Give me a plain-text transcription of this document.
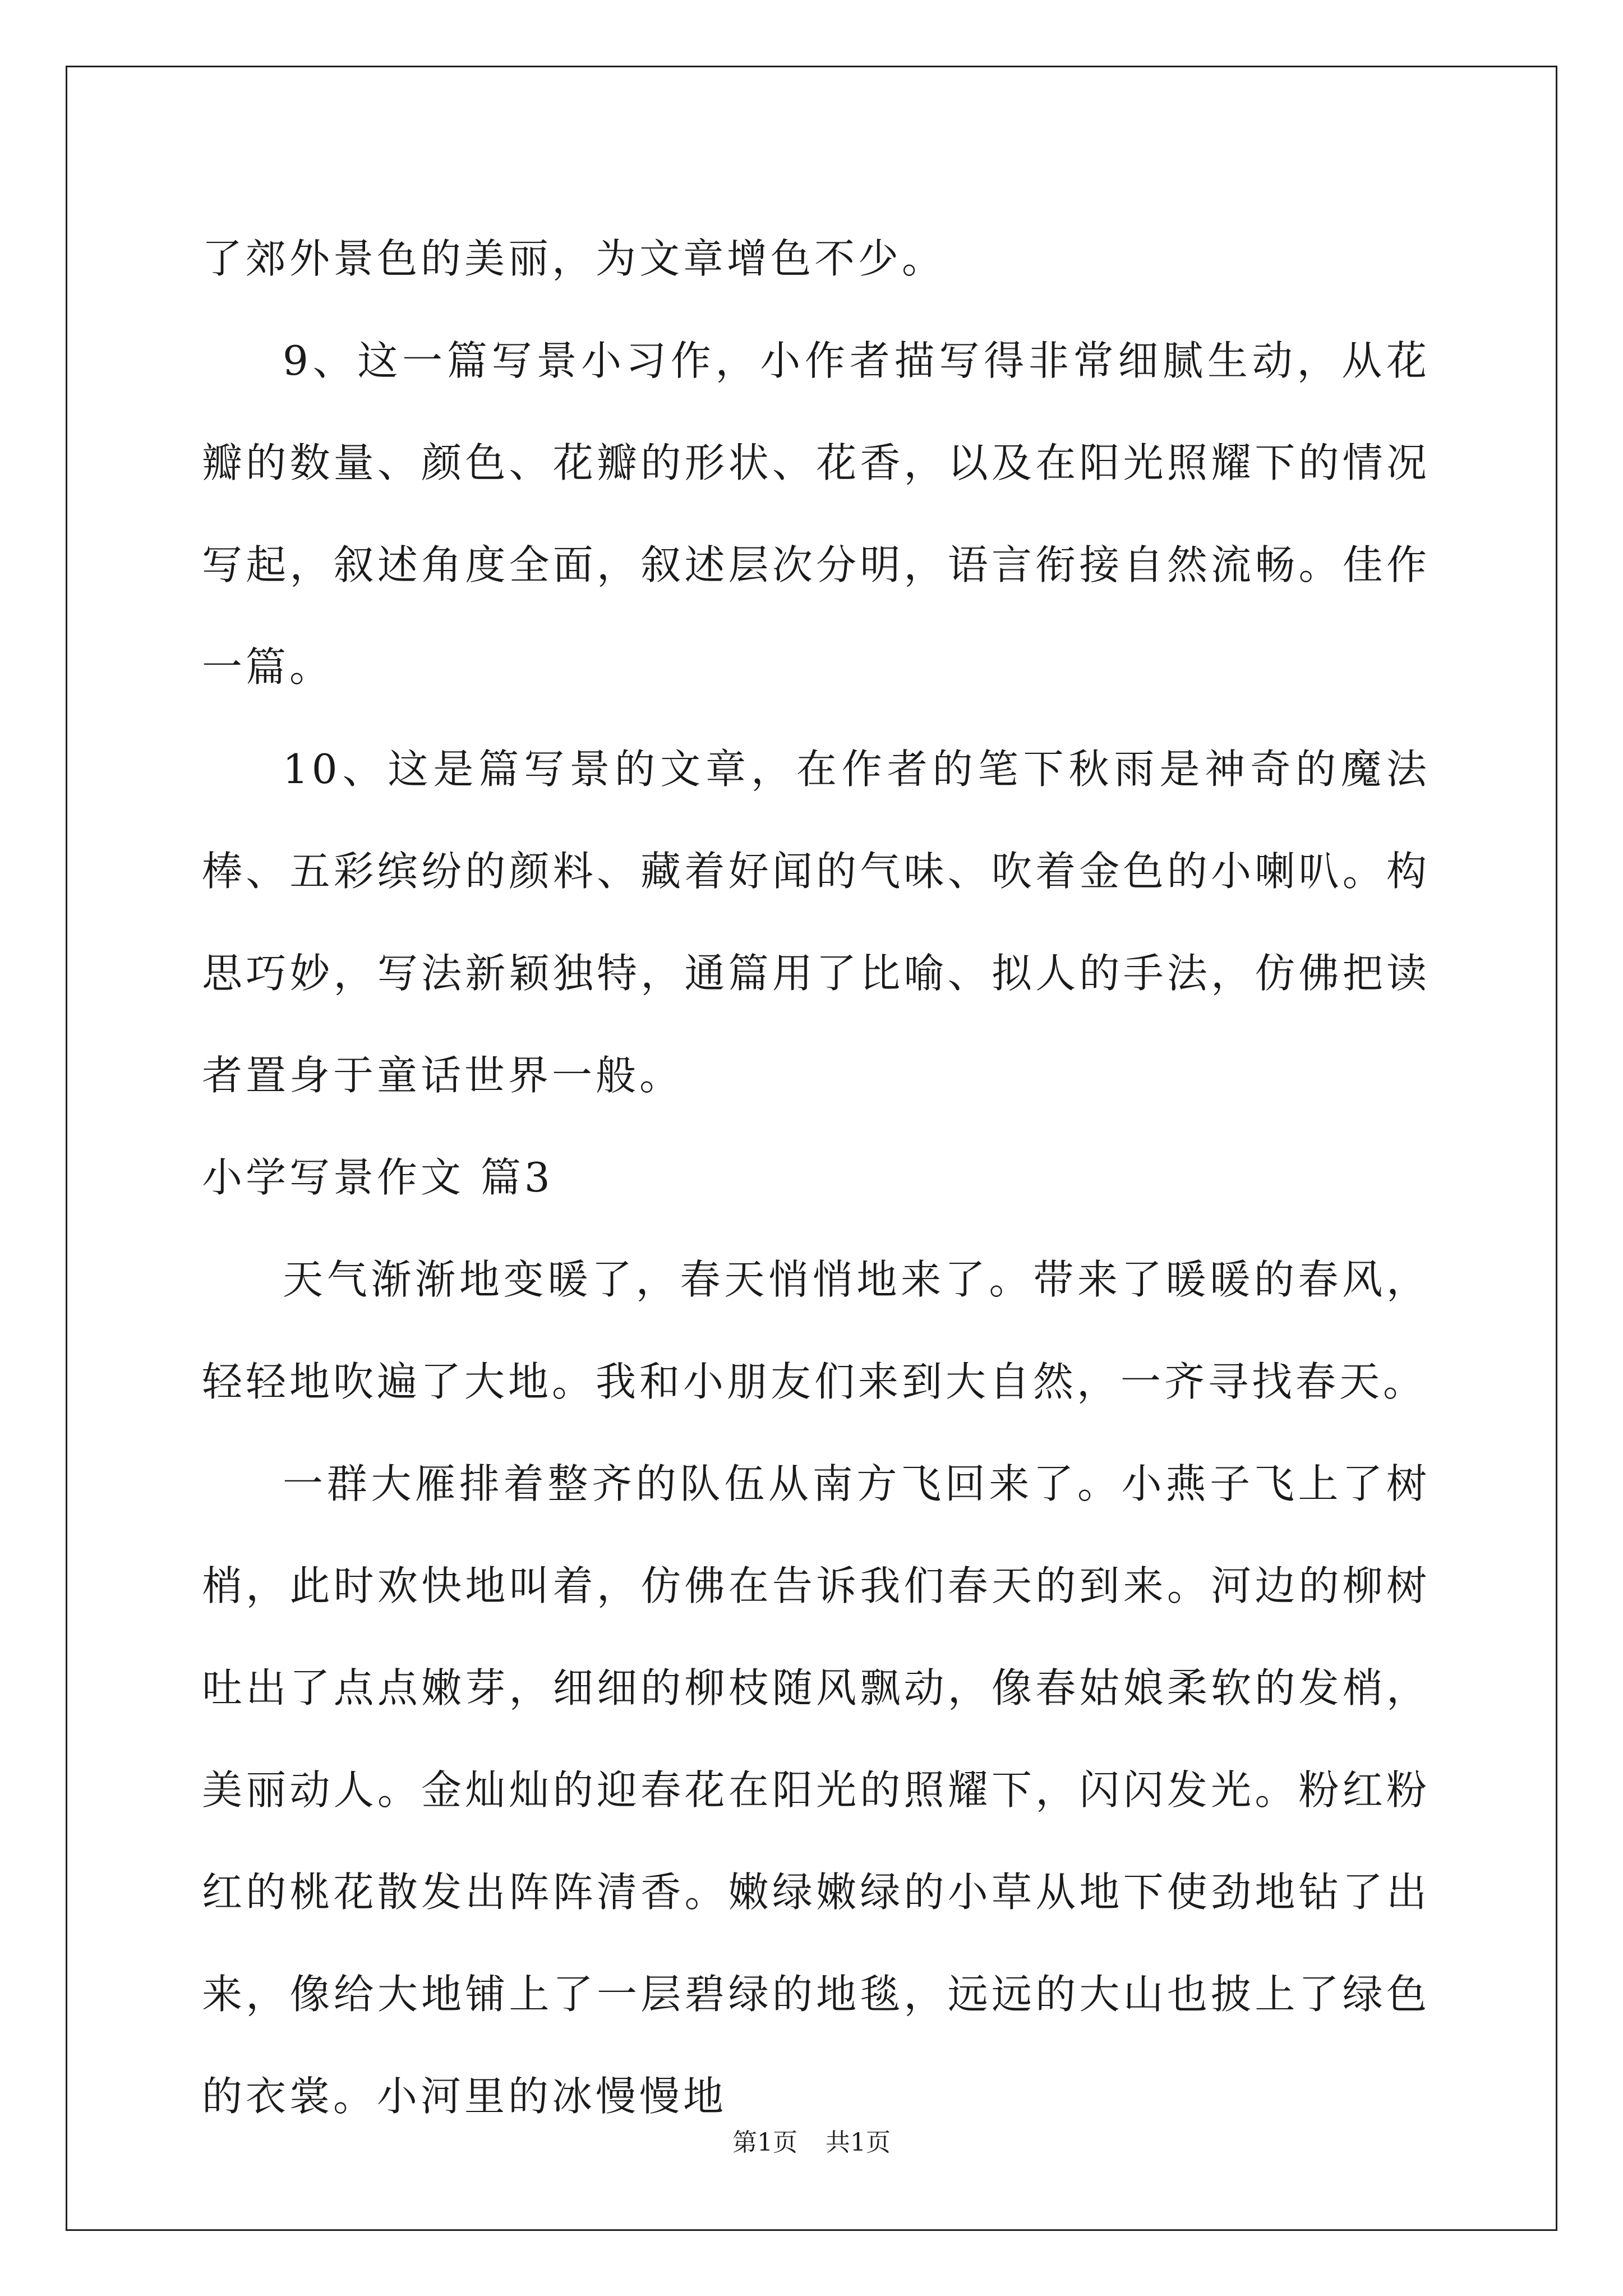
了郊外景色的美丽，为文章增色不少。

9、这一篇写景小习作，小作者描写得非常细腻生动，从花瓣的数量、颜色、花瓣的形状、花香，以及在阳光照耀下的情况写起，叙述角度全面，叙述层次分明，语言衔接自然流畅。佳作一篇。

10、这是篇写景的文章，在作者的笔下秋雨是神奇的魔法棒、五彩缤纷的颜料、藏着好闻的气味、吹着金色的小喇叭。构思巧妙，写法新颖独特，通篇用了比喻、拟人的手法，仿佛把读者置身于童话世界一般。

小学写景作文 篇3

天气渐渐地变暖了，春天悄悄地来了。带来了暖暖的春风，轻轻地吹遍了大地。我和小朋友们来到大自然，一齐寻找春天。

一群大雁排着整齐的队伍从南方飞回来了。小燕子飞上了树梢，此时欢快地叫着，仿佛在告诉我们春天的到来。河边的柳树吐出了点点嫩芽，细细的柳枝随风飘动，像春姑娘柔软的发梢，美丽动人。金灿灿的迎春花在阳光的照耀下，闪闪发光。粉红粉红的桃花散发出阵阵清香。嫩绿嫩绿的小草从地下使劲地钻了出来，像给大地铺上了一层碧绿的地毯，远远的大山也披上了绿色的衣裳。小河里的冰慢慢地

第1页 共1页
